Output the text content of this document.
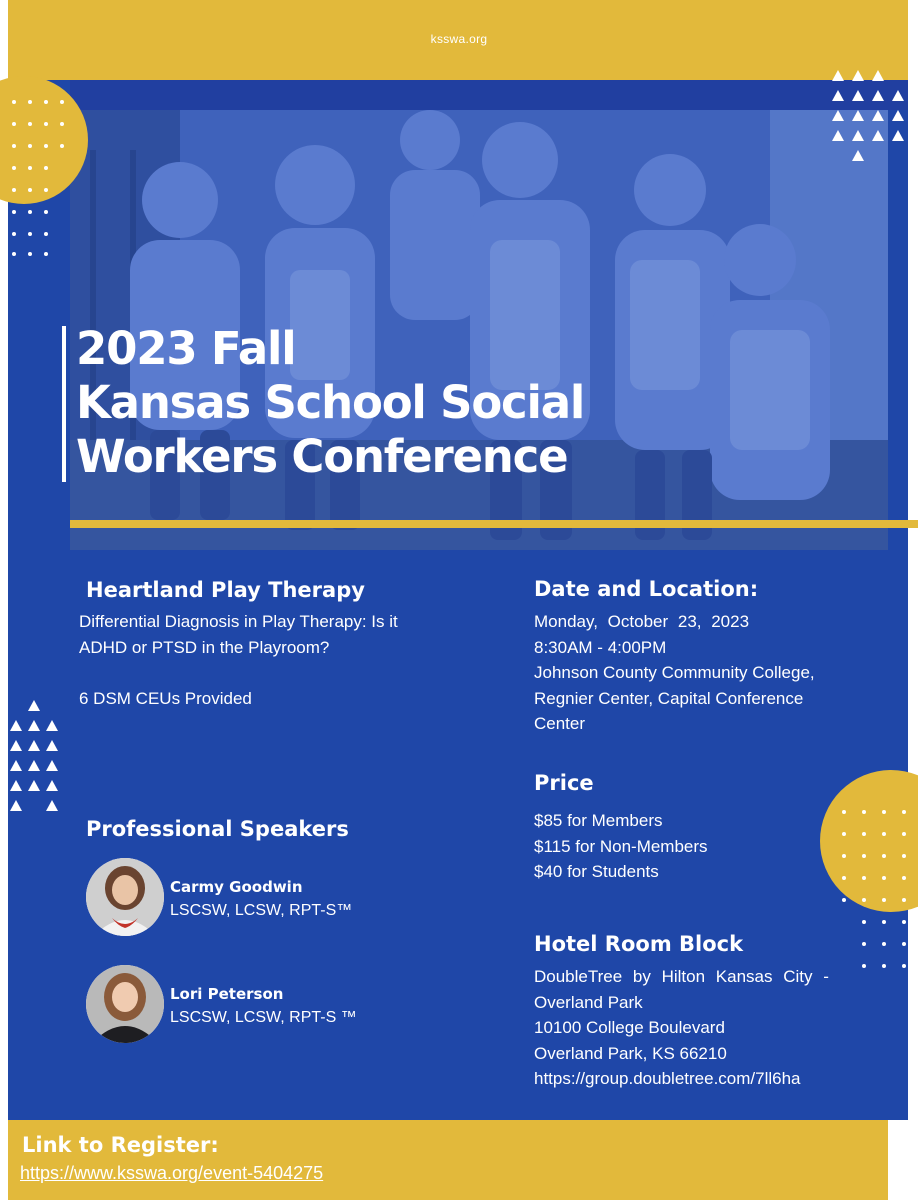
ksswa.org
2023 Fall
Kansas School Social
Workers Conference
Heartland Play Therapy
Differential Diagnosis in Play Therapy: Is it
ADHD or PTSD in the Playroom?
6 DSM CEUs Provided
Professional Speakers
Carmy Goodwin
LSCSW, LCSW, RPT-S™
Lori Peterson
LSCSW, LCSW, RPT-S ™
Date and Location:
Monday, October 23, 2023
8:30AM - 4:00PM
Johnson County Community College,
Regnier Center, Capital Conference
Center
Price
$85 for Members
$115 for Non-Members
$40 for Students
Hotel Room Block
DoubleTree by Hilton Kansas City -
Overland Park
10100 College Boulevard
Overland Park, KS 66210
https://group.doubletree.com/7ll6ha
Link to Register:
https://www.ksswa.org/event-5404275
